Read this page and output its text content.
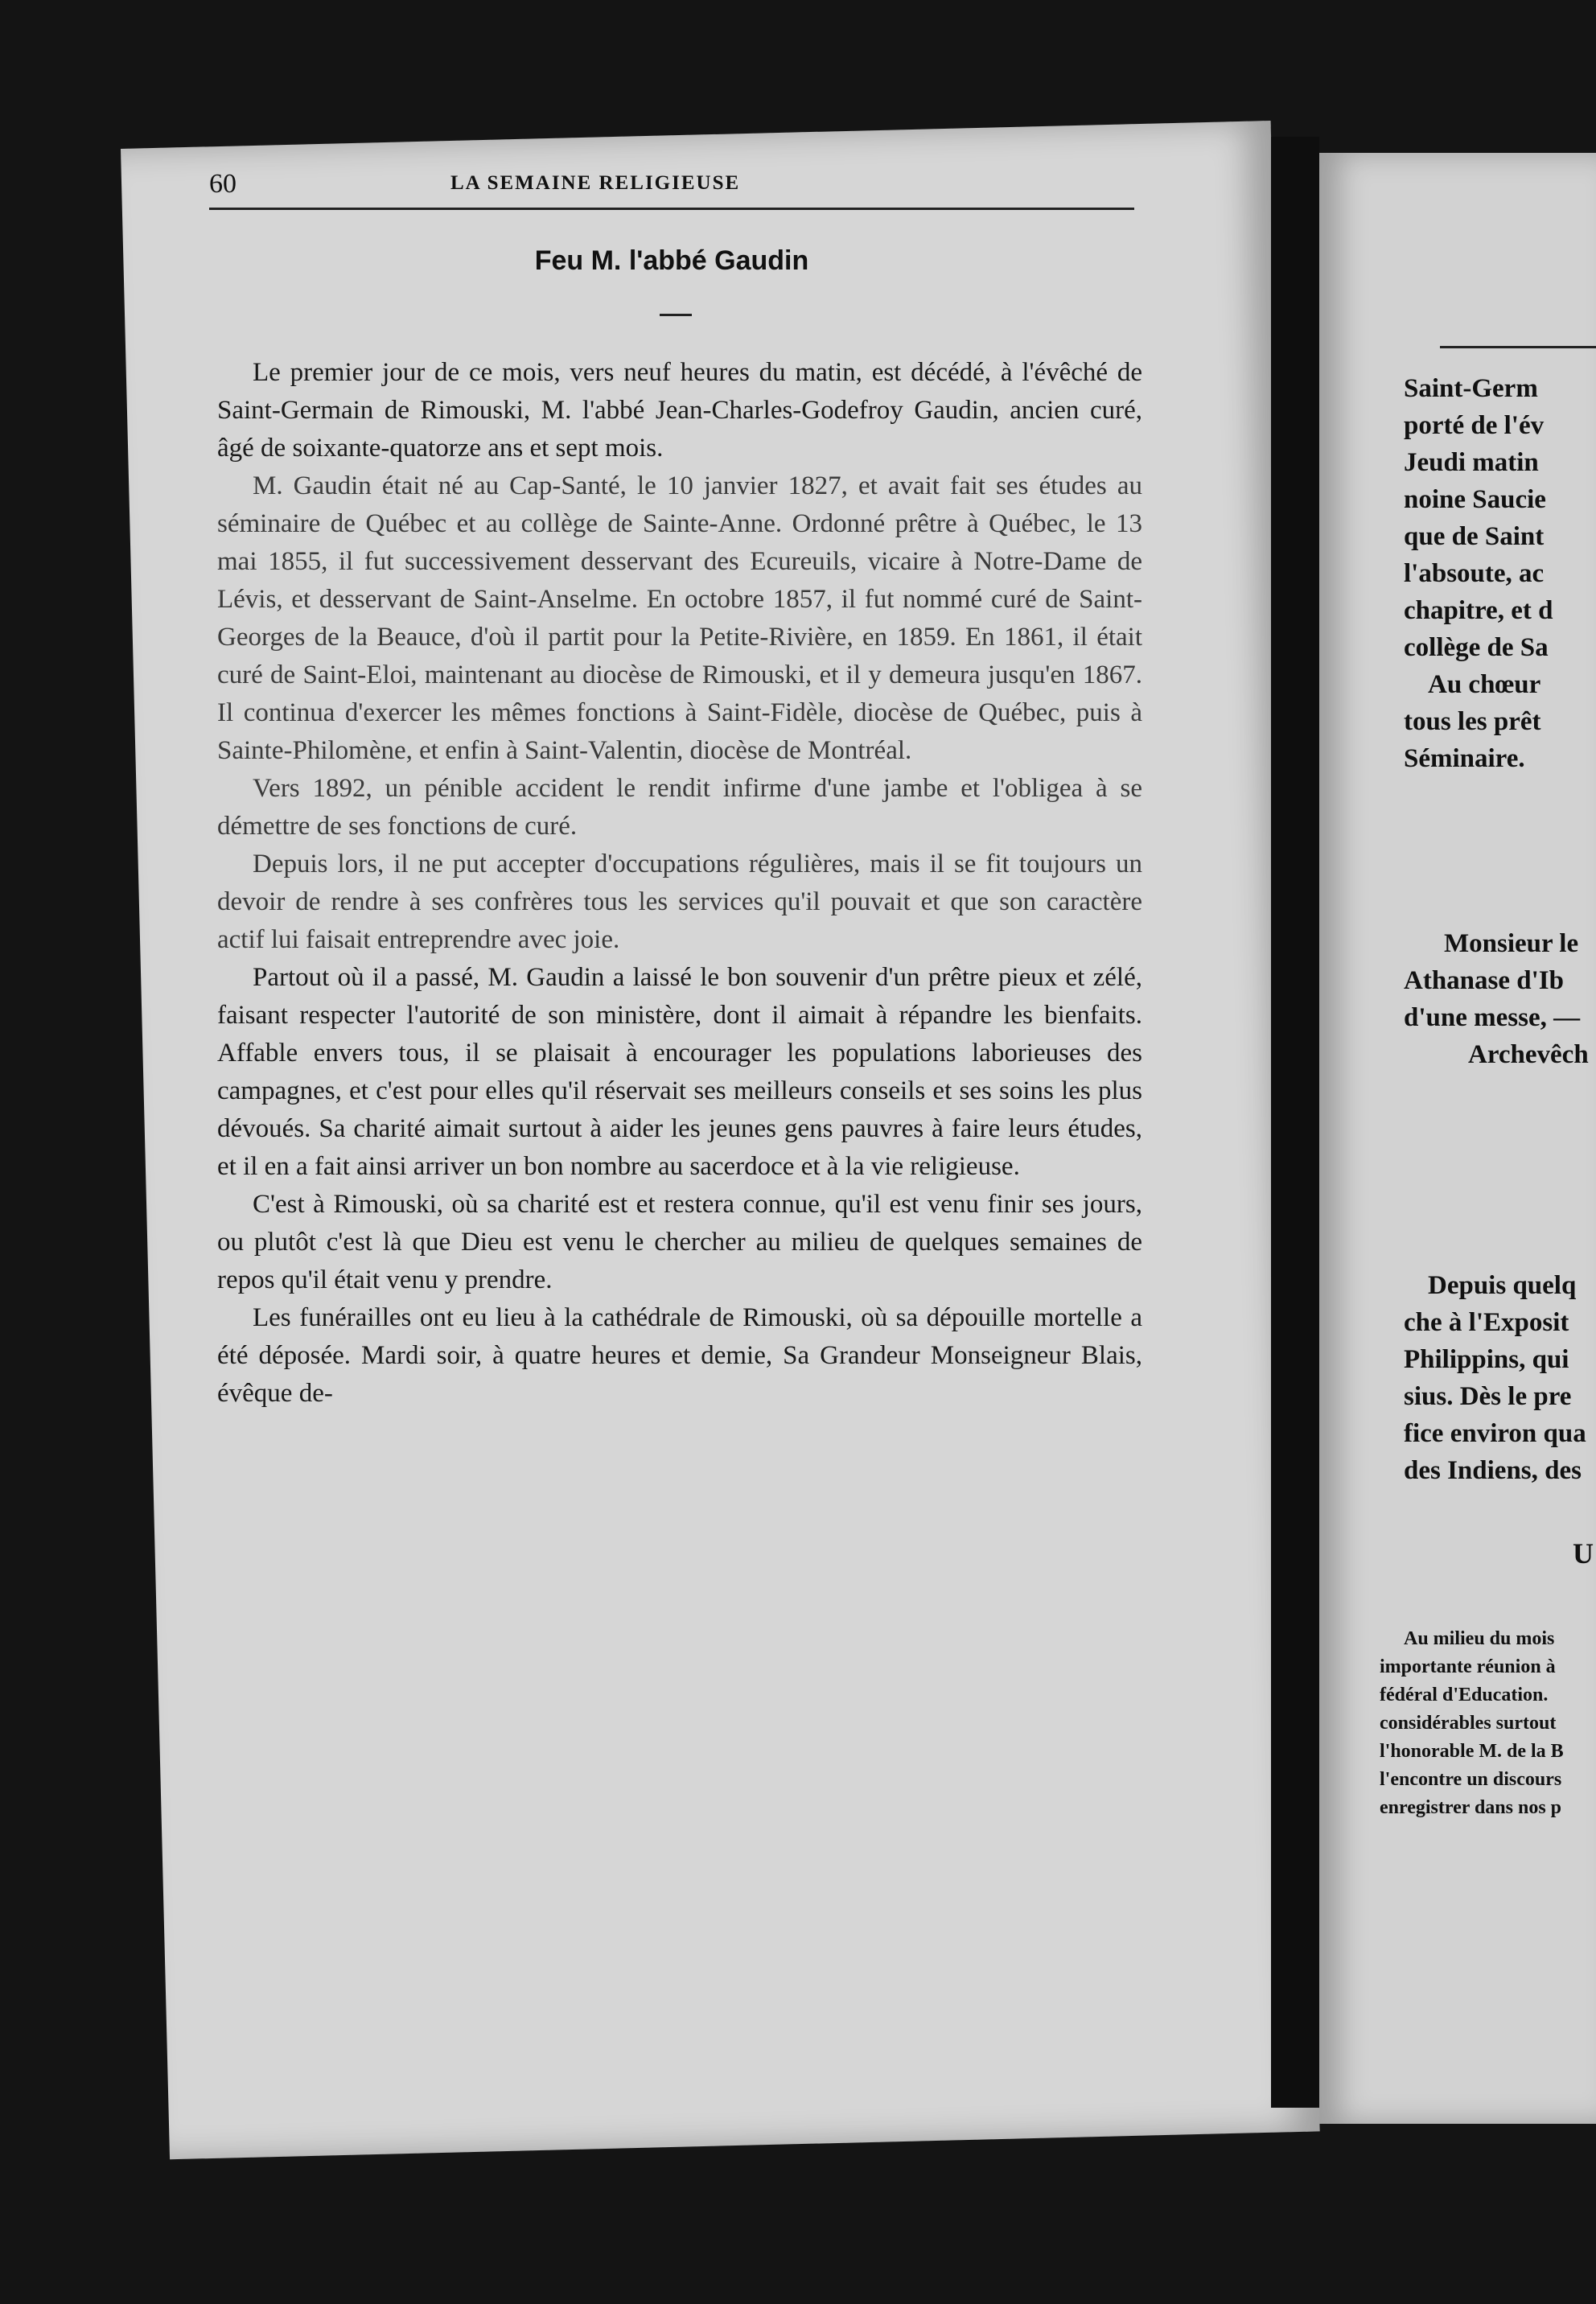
60	LA SEMAINE RELIGIEUSE
Feu M. l'abbé Gaudin

Le premier jour de ce mois, vers neuf heures du matin, est décédé, à l'évêché de Saint-Germain de Rimouski, M. l'abbé Jean-Charles-Godefroy Gaudin, ancien curé, âgé de soixante-quatorze ans et sept mois.

M. Gaudin était né au Cap-Santé, le 10 janvier 1827, et avait fait ses études au séminaire de Québec et au collège de Sainte-Anne. Ordonné prêtre à Québec, le 13 mai 1855, il fut successivement desservant des Ecureuils, vicaire à Notre-Dame de Lévis, et desservant de Saint-Anselme. En octobre 1857, il fut nommé curé de Saint-Georges de la Beauce, d'où il partit pour la Petite-Rivière, en 1859. En 1861, il était curé de Saint-Eloi, maintenant au diocèse de Rimouski, et il y demeura jusqu'en 1867. Il continua d'exercer les mêmes fonctions à Saint-Fidèle, diocèse de Québec, puis à Sainte-Philomène, et enfin à Saint-Valentin, diocèse de Montréal.

Vers 1892, un pénible accident le rendit infirme d'une jambe et l'obligea à se démettre de ses fonctions de curé.

Depuis lors, il ne put accepter d'occupations régulières, mais il se fit toujours un devoir de rendre à ses confrères tous les services qu'il pouvait et que son caractère actif lui faisait entreprendre avec joie.

Partout où il a passé, M. Gaudin a laissé le bon souvenir d'un prêtre pieux et zélé, faisant respecter l'autorité de son ministère, dont il aimait à répandre les bienfaits. Affable envers tous, il se plaisait à encourager les populations laborieuses des campagnes, et c'est pour elles qu'il réservait ses meilleurs conseils et ses soins les plus dévoués. Sa charité aimait surtout à aider les jeunes gens pauvres à faire leurs études, et il en a fait ainsi arriver un bon nombre au sacerdoce et à la vie religieuse.

C'est à Rimouski, où sa charité est et restera connue, qu'il est venu finir ses jours, ou plutôt c'est là que Dieu est venu le chercher au milieu de quelques semaines de repos qu'il était venu y prendre.

Les funérailles ont eu lieu à la cathédrale de Rimouski, où sa dépouille mortelle a été déposée. Mardi soir, à quatre heures et demie, Sa Grandeur Monseigneur Blais, évêque de-

Saint-Germ
porté de l'év
Jeudi matin
noine Saucie
que de Saint
l'absoute, ac
chapitre, et d
collège de Sa
Au chœur
tous les prêt
Séminaire.
Monsieur le
Athanase d'Ib
d'une messe, —
Archevêch
Depuis quelq
che à l'Exposit
Philippins, qui
sius. Dès le pre
fice environ qua
des Indiens, des
U
Au milieu du mois
importante réunion à
fédéral d'Education.
considérables surtout
l'honorable M. de la B
l'encontre un discours
enregistrer dans nos p
